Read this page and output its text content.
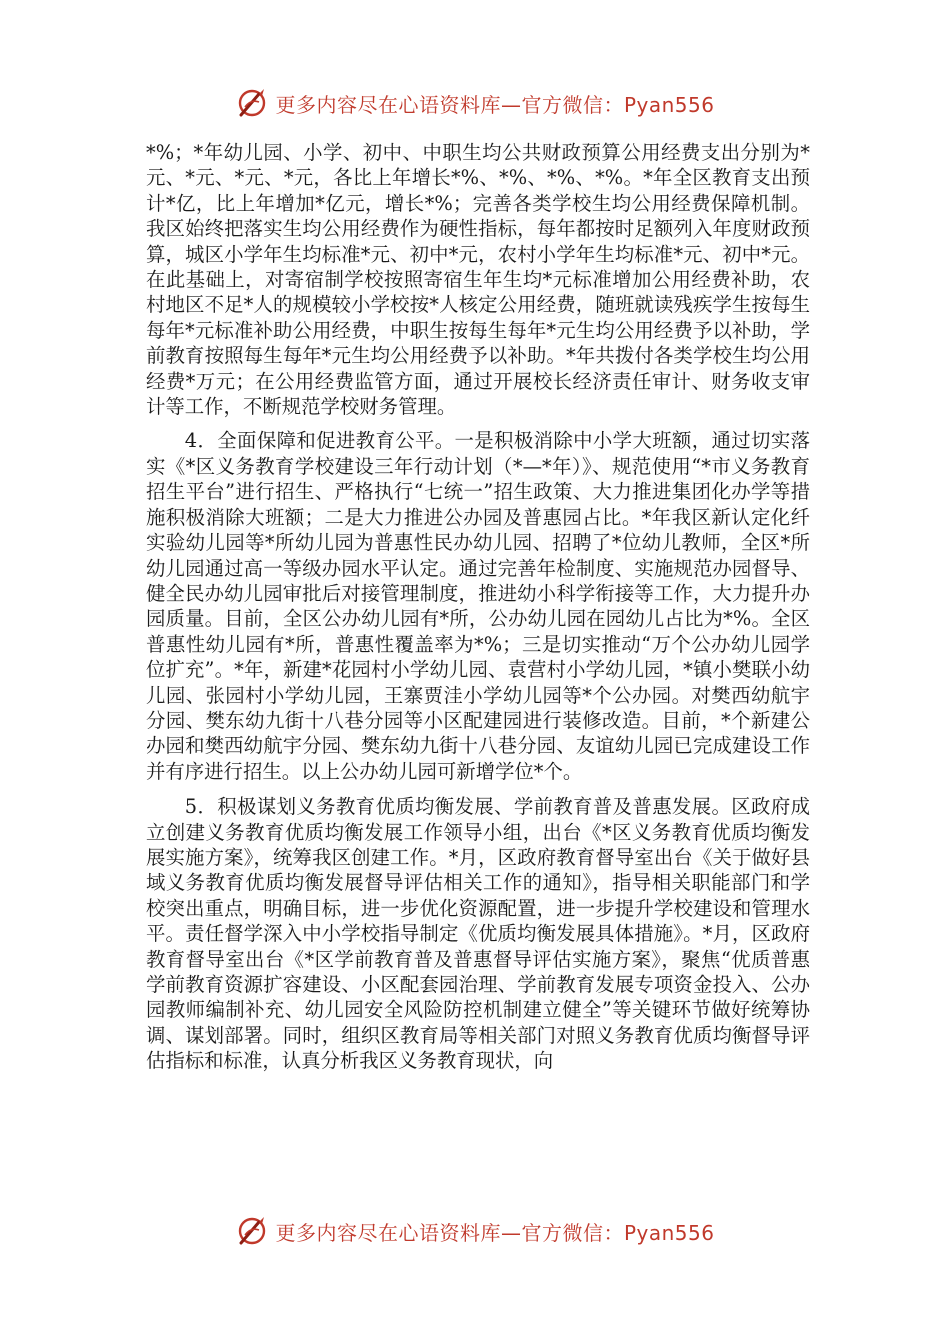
更多内容尽在心语资料库—官方微信：Pyan556

*%；*年幼儿园、小学、初中、中职生均公共财政预算公用经费支出分别为*元、*元、*元、*元，各比上年增长*%、*%、*%、*%。*年全区教育支出预计*亿，比上年增加*亿元，增长*%；完善各类学校生均公用经费保障机制。我区始终把落实生均公用经费作为硬性指标，每年都按时足额列入年度财政预算，城区小学年生均标准*元、初中*元，农村小学年生均标准*元、初中*元。在此基础上，对寄宿制学校按照寄宿生年生均*元标准增加公用经费补助，农村地区不足*人的规模较小学校按*人核定公用经费，随班就读残疾学生按每生每年*元标准补助公用经费，中职生按每生每年*元生均公用经费予以补助，学前教育按照每生每年*元生均公用经费予以补助。*年共拨付各类学校生均公用经费*万元；在公用经费监管方面，通过开展校长经济责任审计、财务收支审计等工作，不断规范学校财务管理。

4．全面保障和促进教育公平。一是积极消除中小学大班额，通过切实落实《*区义务教育学校建设三年行动计划（*—*年）》、规范使用“*市义务教育招生平台”进行招生、严格执行“七统一”招生政策、大力推进集团化办学等措施积极消除大班额；二是大力推进公办园及普惠园占比。*年我区新认定化纤实验幼儿园等*所幼儿园为普惠性民办幼儿园、招聘了*位幼儿教师，全区*所幼儿园通过高一等级办园水平认定。通过完善年检制度、实施规范办园督导、健全民办幼儿园审批后对接管理制度，推进幼小科学衔接等工作，大力提升办园质量。目前，全区公办幼儿园有*所，公办幼儿园在园幼儿占比为*%。全区普惠性幼儿园有*所，普惠性覆盖率为*%；三是切实推动“万个公办幼儿园学位扩充”。*年，新建*花园村小学幼儿园、袁营村小学幼儿园，*镇小樊联小幼儿园、张园村小学幼儿园，王寨贾洼小学幼儿园等*个公办园。对樊西幼航宇分园、樊东幼九街十八巷分园等小区配建园进行装修改造。目前，*个新建公办园和樊西幼航宇分园、樊东幼九街十八巷分园、友谊幼儿园已完成建设工作并有序进行招生。以上公办幼儿园可新增学位*个。

5．积极谋划义务教育优质均衡发展、学前教育普及普惠发展。区政府成立创建义务教育优质均衡发展工作领导小组，出台《*区义务教育优质均衡发展实施方案》，统筹我区创建工作。*月，区政府教育督导室出台《关于做好县域义务教育优质均衡发展督导评估相关工作的通知》，指导相关职能部门和学校突出重点，明确目标，进一步优化资源配置，进一步提升学校建设和管理水平。责任督学深入中小学校指导制定《优质均衡发展具体措施》。*月，区政府教育督导室出台《*区学前教育普及普惠督导评估实施方案》，聚焦“优质普惠学前教育资源扩容建设、小区配套园治理、学前教育发展专项资金投入、公办园教师编制补充、幼儿园安全风险防控机制建立健全”等关键环节做好统筹协调、谋划部署。同时，组织区教育局等相关部门对照义务教育优质均衡督导评估指标和标准，认真分析我区义务教育现状，向

更多内容尽在心语资料库—官方微信：Pyan556
